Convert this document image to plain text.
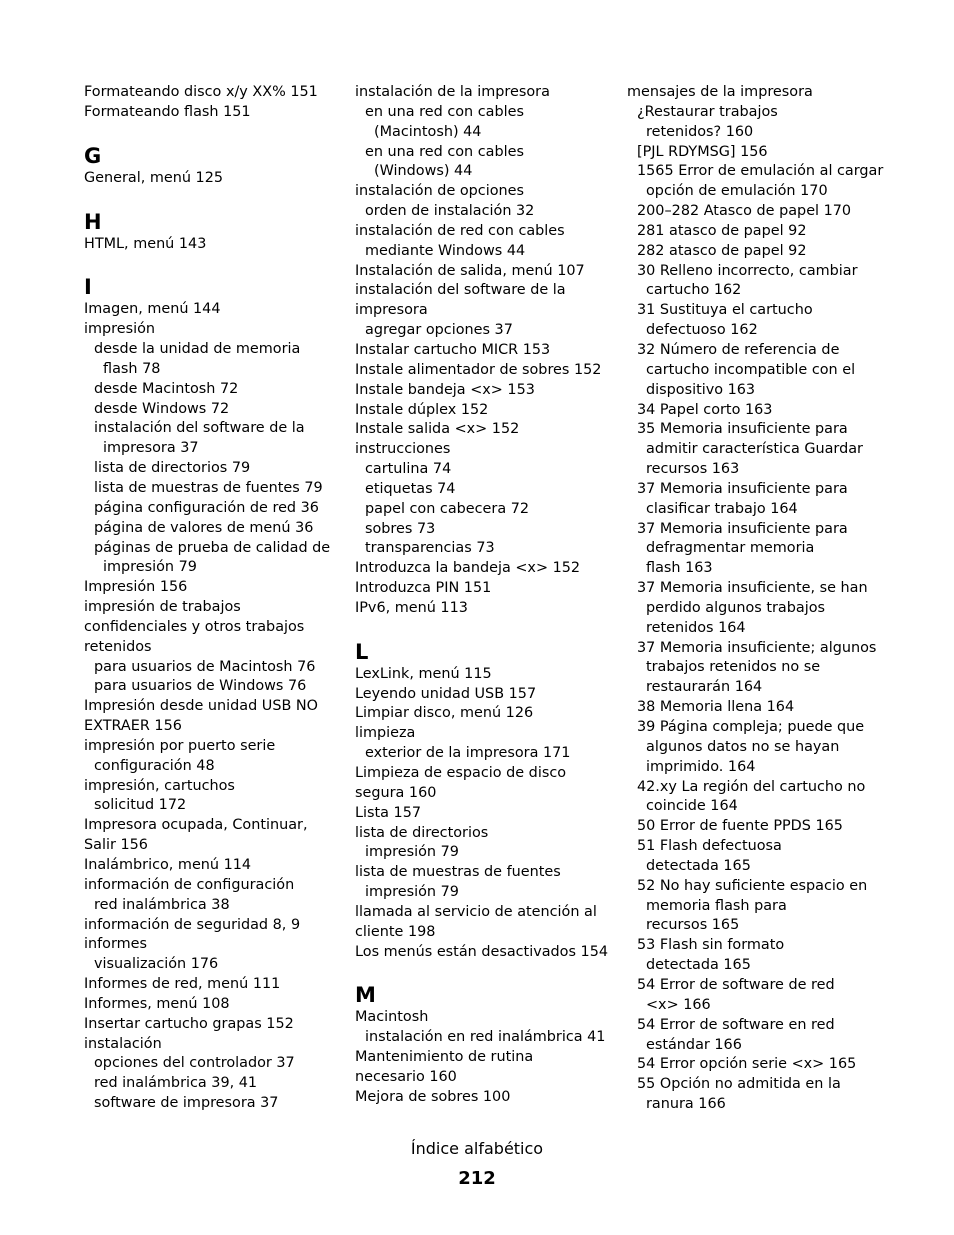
Formateando disco x/y XX% 151
Formateando flash 151
G
General, menú 125
H
HTML, menú 143
I
Imagen, menú 144
impresión
desde la unidad de memoria
flash 78
desde Macintosh 72
desde Windows 72
instalación del software de la
impresora 37
lista de directorios 79
lista de muestras de fuentes 79
página configuración de red 36
página de valores de menú 36
páginas de prueba de calidad de
impresión 79
Impresión 156
impresión de trabajos
confidenciales y otros trabajos
retenidos
para usuarios de Macintosh 76
para usuarios de Windows 76
Impresión desde unidad USB NO
EXTRAER 156
impresión por puerto serie
configuración 48
impresión, cartuchos
solicitud 172
Impresora ocupada, Continuar,
Salir 156
Inalámbrico, menú 114
información de configuración
red inalámbrica 38
información de seguridad 8, 9
informes
visualización 176
Informes de red, menú 111
Informes, menú 108
Insertar cartucho grapas 152
instalación
opciones del controlador 37
red inalámbrica 39, 41
software de impresora 37
instalación de la impresora
en una red con cables
(Macintosh) 44
en una red con cables
(Windows) 44
instalación de opciones
orden de instalación 32
instalación de red con cables
mediante Windows 44
Instalación de salida, menú 107
instalación del software de la
impresora
agregar opciones 37
Instalar cartucho MICR 153
Instale alimentador de sobres 152
Instale bandeja <x> 153
Instale dúplex 152
Instale salida <x> 152
instrucciones
cartulina 74
etiquetas 74
papel con cabecera 72
sobres 73
transparencias 73
Introduzca la bandeja <x> 152
Introduzca PIN 151
IPv6, menú 113
L
LexLink, menú 115
Leyendo unidad USB 157
Limpiar disco, menú 126
limpieza
exterior de la impresora 171
Limpieza de espacio de disco
segura 160
Lista 157
lista de directorios
impresión 79
lista de muestras de fuentes
impresión 79
llamada al servicio de atención al
cliente 198
Los menús están desactivados 154
M
Macintosh
instalación en red inalámbrica 41
Mantenimiento de rutina
necesario 160
Mejora de sobres 100
mensajes de la impresora
¿Restaurar trabajos
retenidos? 160
[PJL RDYMSG] 156
1565 Error de emulación al cargar
opción de emulación 170
200–282 Atasco de papel 170
281 atasco de papel 92
282 atasco de papel 92
30 Relleno incorrecto, cambiar
cartucho 162
31 Sustituya el cartucho
defectuoso 162
32 Número de referencia de
cartucho incompatible con el
dispositivo 163
34 Papel corto 163
35 Memoria insuficiente para
admitir característica Guardar
recursos 163
37 Memoria insuficiente para
clasificar trabajo 164
37 Memoria insuficiente para
defragmentar memoria
flash 163
37 Memoria insuficiente, se han
perdido algunos trabajos
retenidos 164
37 Memoria insuficiente; algunos
trabajos retenidos no se
restaurarán 164
38 Memoria llena 164
39 Página compleja; puede que
algunos datos no se hayan
imprimido. 164
42.xy La región del cartucho no
coincide 164
50 Error de fuente PPDS 165
51 Flash defectuosa
detectada 165
52 No hay suficiente espacio en
memoria flash para
recursos 165
53 Flash sin formato
detectada 165
54 Error de software de red
<x> 166
54 Error de software en red
estándar 166
54 Error opción serie <x> 165
55 Opción no admitida en la
ranura 166
Índice alfabético
212
